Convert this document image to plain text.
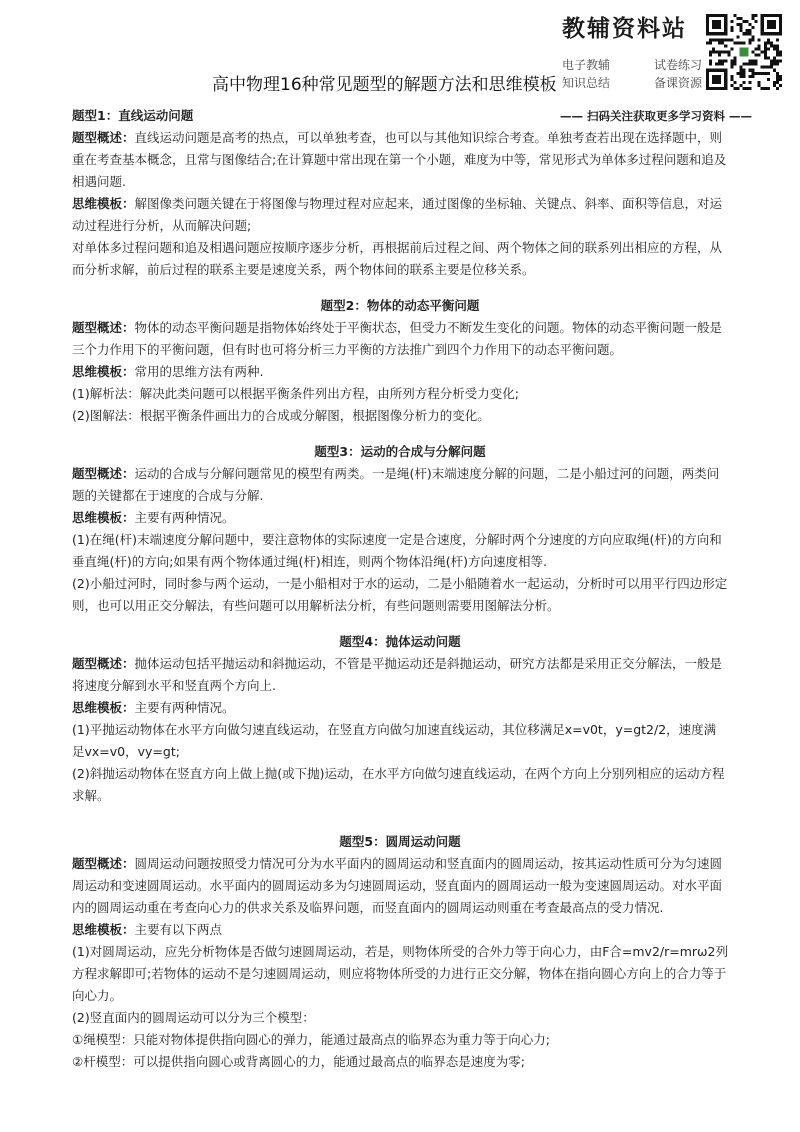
教辅资料站
电子教辅	试卷练习
知识总结	备课资源
—— 扫码关注获取更多学习资料 ——
高中物理16种常见题型的解题方法和思维模板

题型1：直线运动问题

题型概述：直线运动问题是高考的热点，可以单独考查，也可以与其他知识综合考查。单独考查若出现在选择题中，则重在考查基本概念，且常与图像结合;在计算题中常出现在第一个小题，难度为中等，常见形式为单体多过程问题和追及相遇问题.

思维模板：解图像类问题关键在于将图像与物理过程对应起来，通过图像的坐标轴、关键点、斜率、面积等信息，对运动过程进行分析，从而解决问题;

对单体多过程问题和追及相遇问题应按顺序逐步分析，再根据前后过程之间、两个物体之间的联系列出相应的方程，从而分析求解，前后过程的联系主要是速度关系，两个物体间的联系主要是位移关系。

题型2：物体的动态平衡问题

题型概述：物体的动态平衡问题是指物体始终处于平衡状态，但受力不断发生变化的问题。物体的动态平衡问题一般是三个力作用下的平衡问题，但有时也可将分析三力平衡的方法推广到四个力作用下的动态平衡问题。

思维模板：常用的思维方法有两种.

(1)解析法：解决此类问题可以根据平衡条件列出方程，由所列方程分析受力变化;

(2)图解法：根据平衡条件画出力的合成或分解图，根据图像分析力的变化。

题型3：运动的合成与分解问题

题型概述：运动的合成与分解问题常见的模型有两类。一是绳(杆)末端速度分解的问题，二是小船过河的问题，两类问题的关键都在于速度的合成与分解.

思维模板：主要有两种情况。

(1)在绳(杆)末端速度分解问题中，要注意物体的实际速度一定是合速度，分解时两个分速度的方向应取绳(杆)的方向和垂直绳(杆)的方向;如果有两个物体通过绳(杆)相连，则两个物体沿绳(杆)方向速度相等.

(2)小船过河时，同时参与两个运动，一是小船相对于水的运动，二是小船随着水一起运动，分析时可以用平行四边形定则，也可以用正交分解法，有些问题可以用解析法分析，有些问题则需要用图解法分析。

题型4：抛体运动问题

题型概述：抛体运动包括平抛运动和斜抛运动，不管是平抛运动还是斜抛运动，研究方法都是采用正交分解法，一般是将速度分解到水平和竖直两个方向上.

思维模板：主要有两种情况。

(1)平抛运动物体在水平方向做匀速直线运动，在竖直方向做匀加速直线运动，其位移满足x=v0t，y=gt2/2，速度满足vx=v0，vy=gt;

(2)斜抛运动物体在竖直方向上做上抛(或下抛)运动，在水平方向做匀速直线运动，在两个方向上分别列相应的运动方程求解。

题型5：圆周运动问题

题型概述：圆周运动问题按照受力情况可分为水平面内的圆周运动和竖直面内的圆周运动，按其运动性质可分为匀速圆周运动和变速圆周运动。水平面内的圆周运动多为匀速圆周运动，竖直面内的圆周运动一般为变速圆周运动。对水平面内的圆周运动重在考查向心力的供求关系及临界问题，而竖直面内的圆周运动则重在考查最高点的受力情况.

思维模板：主要有以下两点

(1)对圆周运动，应先分析物体是否做匀速圆周运动，若是，则物体所受的合外力等于向心力，由F合=mv2/r=mrω2列方程求解即可;若物体的运动不是匀速圆周运动，则应将物体所受的力进行正交分解，物体在指向圆心方向上的合力等于向心力。

(2)竖直面内的圆周运动可以分为三个模型：

①绳模型：只能对物体提供指向圆心的弹力，能通过最高点的临界态为重力等于向心力;

②杆模型：可以提供指向圆心或背离圆心的力，能通过最高点的临界态是速度为零;
